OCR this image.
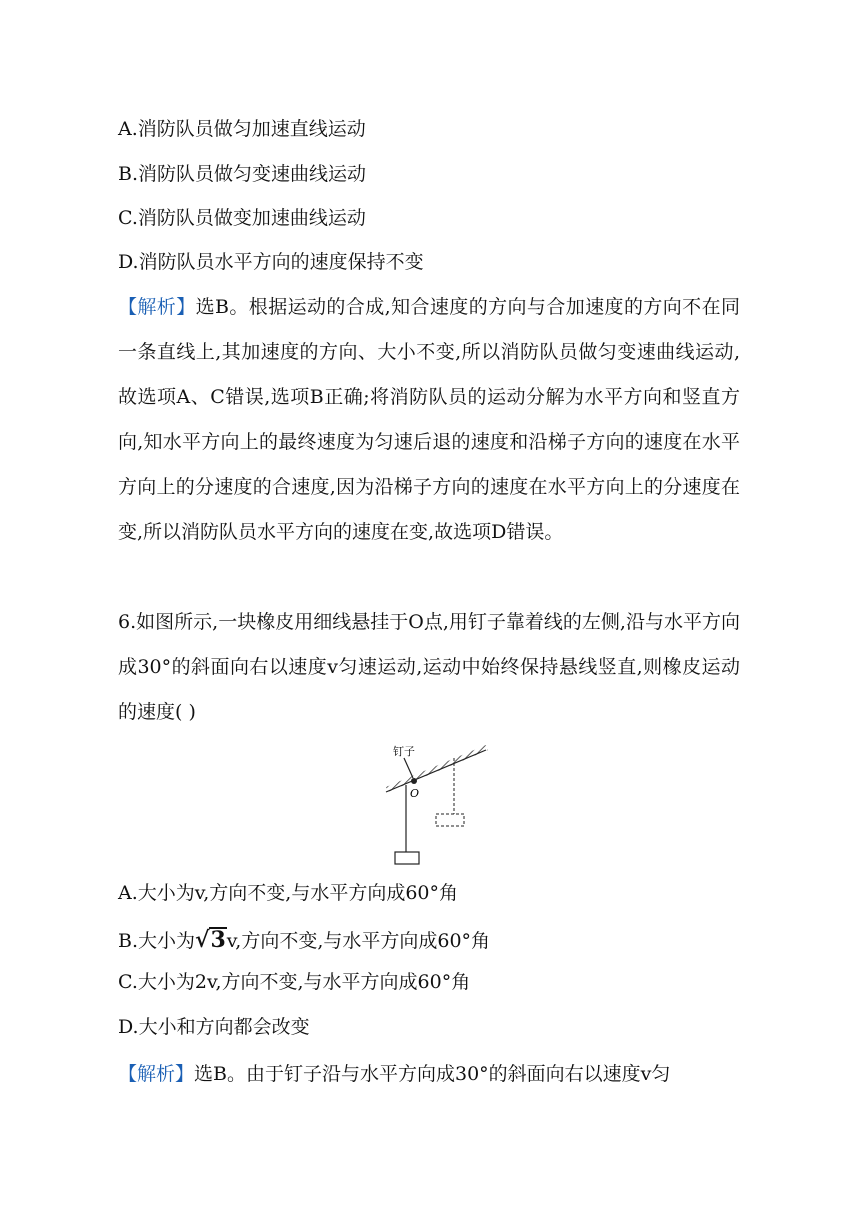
A.消防队员做匀加速直线运动
B.消防队员做匀变速曲线运动
C.消防队员做变加速曲线运动
D.消防队员水平方向的速度保持不变

【解析】选B。根据运动的合成,知合速度的方向与合加速度的方向不在同一条直线上,其加速度的方向、大小不变,所以消防队员做匀变速曲线运动,故选项A、C错误,选项B正确;将消防队员的运动分解为水平方向和竖直方向,知水平方向上的最终速度为匀速后退的速度和沿梯子方向的速度在水平方向上的分速度的合速度,因为沿梯子方向的速度在水平方向上的分速度在变,所以消防队员水平方向的速度在变,故选项D错误。

6.如图所示,一块橡皮用细线悬挂于O点,用钉子靠着线的左侧,沿与水平方向成30°的斜面向右以速度v匀速运动,运动中始终保持悬线竖直,则橡皮运动的速度( )

钉子
O
A.大小为v,方向不变,与水平方向成60°角
B.大小为√ 3 v,方向不变,与水平方向成60°角
C.大小为2v,方向不变,与水平方向成60°角
D.大小和方向都会改变
【解析】选B。由于钉子沿与水平方向成30°的斜面向右以速度v匀
